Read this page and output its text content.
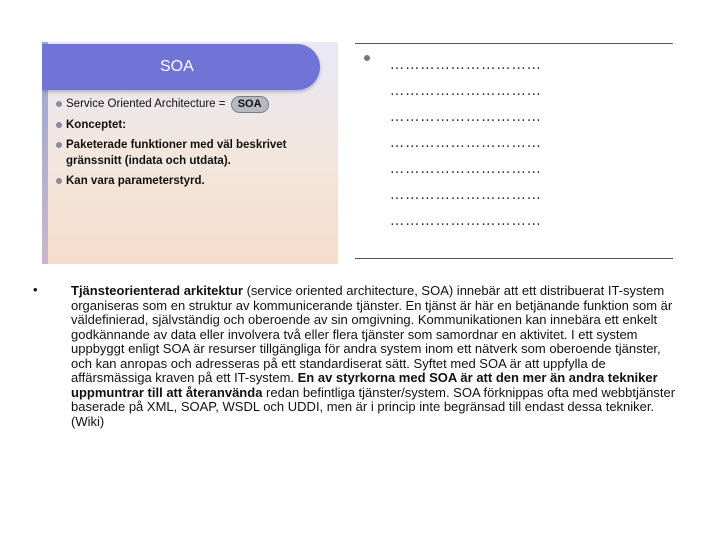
SOA
Service Oriented Architecture = SOA
Konceptet:
Paketerade funktioner med väl beskrivet gränssnitt (indata och utdata).
Kan vara parameterstyrd.
…………………………
…………………………
…………………………
…………………………
…………………………
…………………………
…………………………
•	Tjänsteorienterad arkitektur (service oriented architecture, SOA) innebär att ett distribuerat IT-system organiseras som en struktur av kommunicerande tjänster. En tjänst är här en betjänande funktion som är väldefinierad, självständig och oberoende av sin omgivning. Kommunikationen kan innebära ett enkelt godkännande av data eller involvera två eller flera tjänster som samordnar en aktivitet. I ett system uppbyggt enligt SOA är resurser tillgängliga för andra system inom ett nätverk som oberoende tjänster, och kan anropas och adresseras på ett standardiserat sätt. Syftet med SOA är att uppfylla de affärsmässiga kraven på ett IT-system. En av styrkorna med SOA är att den mer än andra tekniker uppmuntrar till att återanvända redan befintliga tjänster/system. SOA förknippas ofta med webbtjänster baserade på XML, SOAP, WSDL och UDDI, men är i princip inte begränsad till endast dessa tekniker. (Wiki)
